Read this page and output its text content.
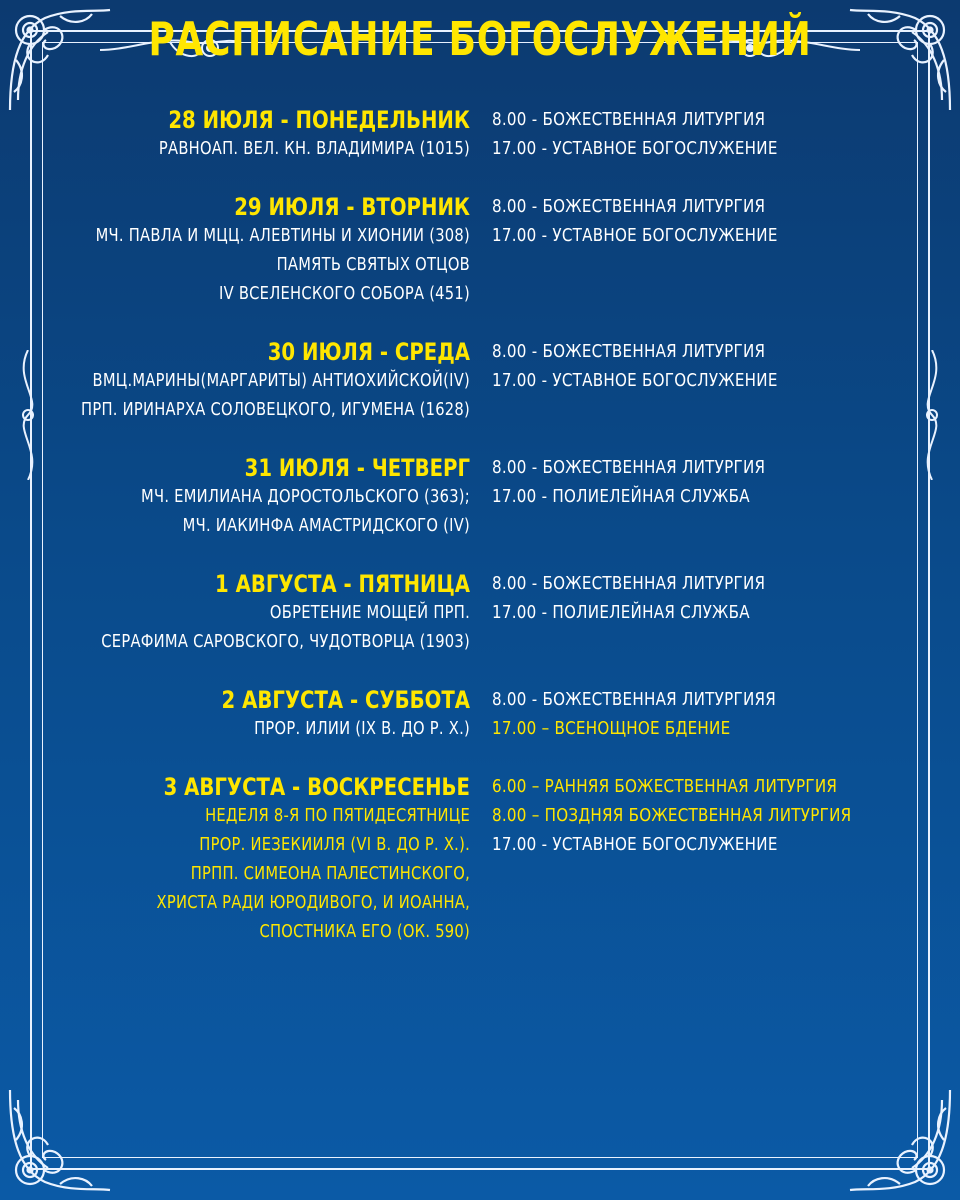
РАСПИСАНИЕ БОГОСЛУЖЕНИЙ
28 ИЮЛЯ - ПОНЕДЕЛЬНИК
РАВНОАП. ВЕЛ. КН. ВЛАДИМИРА (1015)
8.00 - БОЖЕСТВЕННАЯ ЛИТУРГИЯ
17.00 - УСТАВНОЕ БОГОСЛУЖЕНИЕ
29 ИЮЛЯ - ВТОРНИК
МЧ. ПАВЛА И МЦЦ. АЛЕВТИНЫ И ХИОНИИ (308)
ПАМЯТЬ СВЯТЫХ ОТЦОВ
IV ВСЕЛЕНСКОГО СОБОРА (451)
8.00 - БОЖЕСТВЕННАЯ ЛИТУРГИЯ
17.00 - УСТАВНОЕ БОГОСЛУЖЕНИЕ
30 ИЮЛЯ - СРЕДА
ВМЦ.МАРИНЫ(МАРГАРИТЫ) АНТИОХИЙСКОЙ(IV)
ПРП. ИРИНАРХА СОЛОВЕЦКОГО, ИГУМЕНА (1628)
8.00 - БОЖЕСТВЕННАЯ ЛИТУРГИЯ
17.00 - УСТАВНОЕ БОГОСЛУЖЕНИЕ
31 ИЮЛЯ - ЧЕТВЕРГ
МЧ. ЕМИЛИАНА ДОРОСТОЛЬСКОГО (363);
МЧ. ИАКИНФА АМАСТРИДСКОГО (IV)
8.00 - БОЖЕСТВЕННАЯ ЛИТУРГИЯ
17.00 - ПОЛИЕЛЕЙНАЯ СЛУЖБА
1 АВГУСТА - ПЯТНИЦА
ОБРЕТЕНИЕ МОЩЕЙ ПРП.
СЕРАФИМА САРОВСКОГО, ЧУДОТВОРЦА (1903)
8.00 - БОЖЕСТВЕННАЯ ЛИТУРГИЯ
17.00 - ПОЛИЕЛЕЙНАЯ СЛУЖБА
2 АВГУСТА - СУББОТА
ПРОР. ИЛИИ (IX В. ДО Р. Х.)
8.00 - БОЖЕСТВЕННАЯ ЛИТУРГИЯЯ
17.00 – ВСЕНОЩНОЕ БДЕНИЕ
3 АВГУСТА - ВОСКРЕСЕНЬЕ
НЕДЕЛЯ 8-Я ПО ПЯТИДЕСЯТНИЦЕ
ПРОР. ИЕЗЕКИИЛЯ (VI В. ДО Р. Х.).
ПРПП. СИМЕОНА ПАЛЕСТИНСКОГО,
ХРИСТА РАДИ ЮРОДИВОГО, И ИОАННА,
СПОСТНИКА ЕГО (ОК. 590)
6.00 – РАННЯЯ БОЖЕСТВЕННАЯ ЛИТУРГИЯ
8.00 – ПОЗДНЯЯ БОЖЕСТВЕННАЯ ЛИТУРГИЯ
17.00 - УСТАВНОЕ БОГОСЛУЖЕНИЕ
